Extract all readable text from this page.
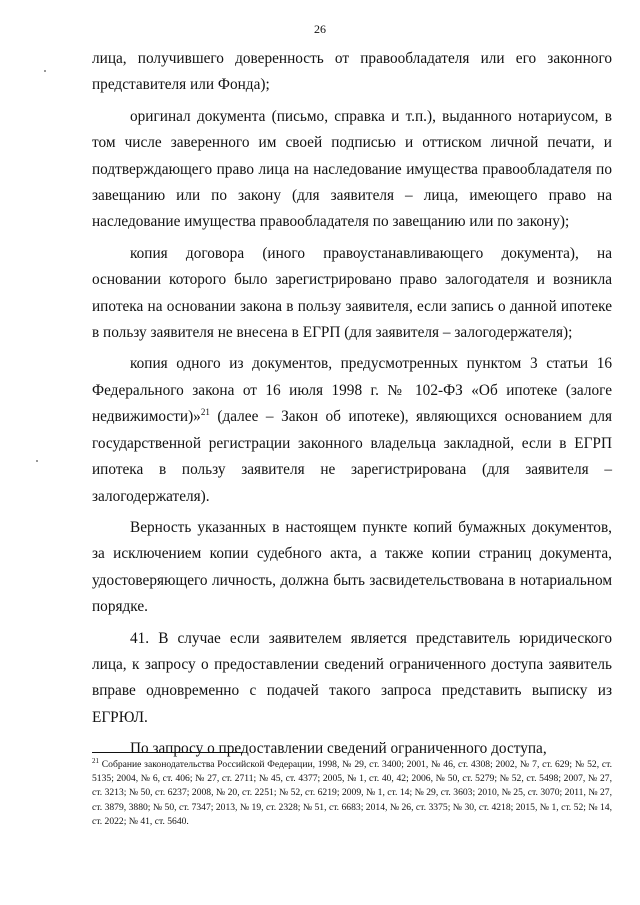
26

лица, получившего доверенность от правообладателя или его законного представителя или Фонда);

оригинал документа (письмо, справка и т.п.), выданного нотариусом, в том числе заверенного им своей подписью и оттиском личной печати, и подтверждающего право лица на наследование имущества правообладателя по завещанию или по закону (для заявителя – лица, имеющего право на наследование имущества правообладателя по завещанию или по закону);

копия договора (иного правоустанавливающего документа), на основании которого было зарегистрировано право залогодателя и возникла ипотека на основании закона в пользу заявителя, если запись о данной ипотеке в пользу заявителя не внесена в ЕГРП (для заявителя – залогодержателя);

копия одного из документов, предусмотренных пунктом 3 статьи 16 Федерального закона от 16 июля 1998 г. № 102-ФЗ «Об ипотеке (залоге недвижимости)»$^{21}$ (далее – Закон об ипотеке), являющихся основанием для государственной регистрации законного владельца закладной, если в ЕГРП ипотека в пользу заявителя не зарегистрирована (для заявителя – залогодержателя).

Верность указанных в настоящем пункте копий бумажных документов, за исключением копии судебного акта, а также копии страниц документа, удостоверяющего личность, должна быть засвидетельствована в нотариальном порядке.

41. В случае если заявителем является представитель юридического лица, к запросу о предоставлении сведений ограниченного доступа заявитель вправе одновременно с подачей такого запроса представить выписку из ЕГРЮЛ.

По запросу о предоставлении сведений ограниченного доступа,

$^{21}$ Собрание законодательства Российской Федерации, 1998, № 29, ст. 3400; 2001, № 46, ст. 4308; 2002, № 7, ст. 629; № 52, ст. 5135; 2004, № 6, ст. 406; № 27, ст. 2711; № 45, ст. 4377; 2005, № 1, ст. 40, 42; 2006, № 50, ст. 5279; № 52, ст. 5498; 2007, № 27, ст. 3213; № 50, ст. 6237; 2008, № 20, ст. 2251; № 52, ст. 6219; 2009, № 1, ст. 14; № 29, ст. 3603; 2010, № 25, ст. 3070; 2011, № 27, ст. 3879, 3880; № 50, ст. 7347; 2013, № 19, ст. 2328; № 51, ст. 6683; 2014, № 26, ст. 3375; № 30, ст. 4218; 2015, № 1, ст. 52; № 14, ст. 2022; № 41, ст. 5640.
